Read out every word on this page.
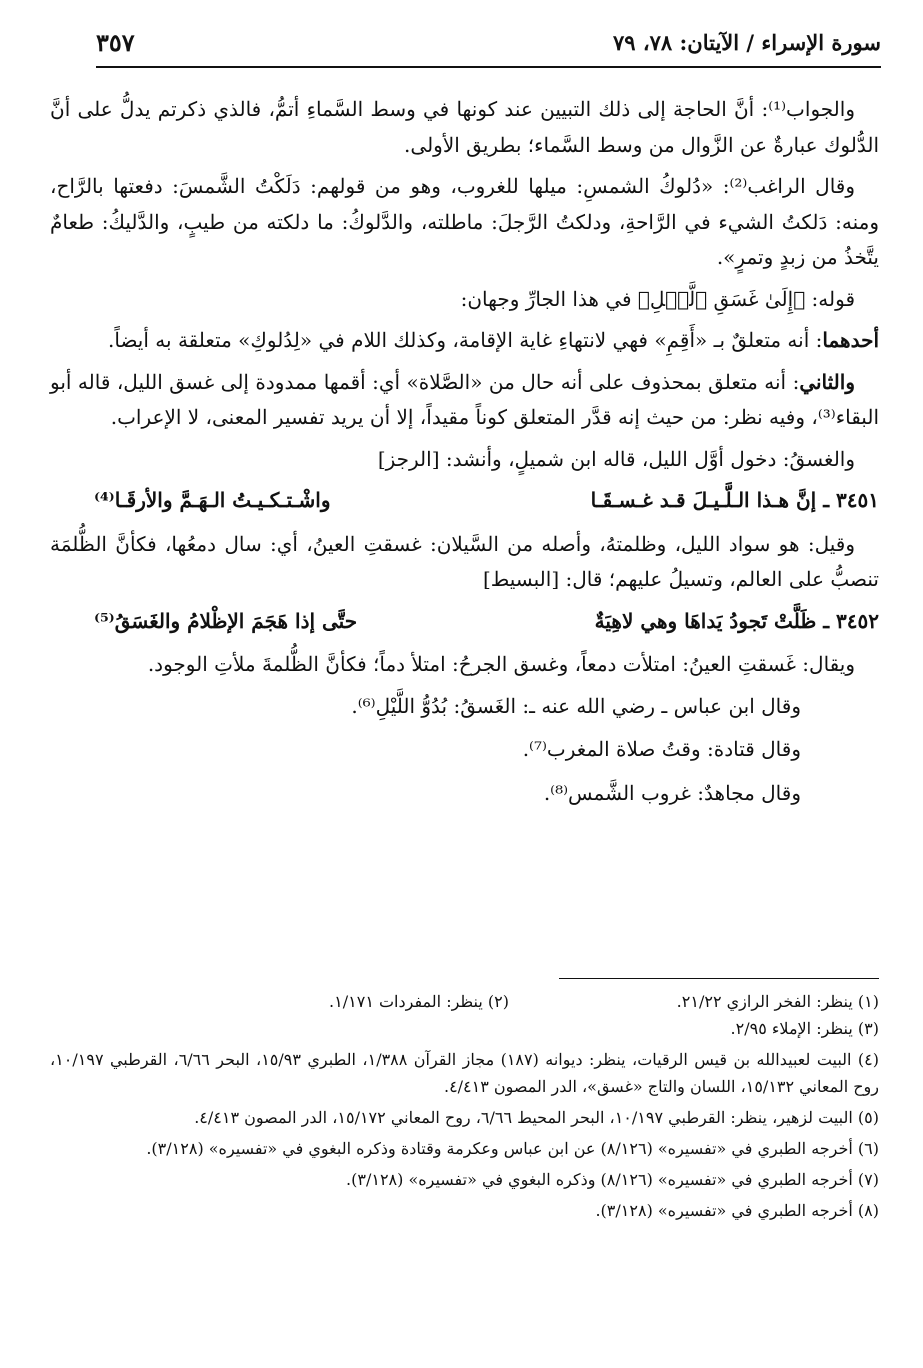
سورة الإسراء / الآيتان: ٧٨، ٧٩
٣٥٧

والجواب⁽¹⁾: أنَّ الحاجة إلى ذلك التبيين عند كونها في وسط السَّماءِ أتمُّ، فالذي ذكرتم يدلُّ على أنَّ الدُّلوك عبارةٌ عن الزَّوال من وسط السَّماء؛ بطريق الأولى.

وقال الراغب⁽²⁾: «دُلوكُ الشمسِ: ميلها للغروب، وهو من قولهم: دَلَكْتُ الشَّمسَ: دفعتها بالرَّاح، ومنه: دَلكتُ الشيء في الرَّاحةِ، ودلكتُ الرَّجلَ: ماطلته، والدَّلوكُ: ما دلكته من طيبٍ، والدَّليكُ: طعامٌ يتَّخذُ من زبدٍ وتمرٍ».

قوله: ﴿إِلَىٰ غَسَقِ ٱلَّيۡلِ﴾ في هذا الجارِّ وجهان:

أحدهما: أنه متعلقٌ بـ «أَقِمِ» فهي لانتهاءِ غاية الإقامة، وكذلك اللام في «لِدُلوكِ» متعلقة به أيضاً.

والثاني: أنه متعلق بمحذوف على أنه حال من «الصَّلاة» أي: أقمها ممدودة إلى غسق الليل، قاله أبو البقاء⁽³⁾، وفيه نظر: من حيث إنه قدَّر المتعلق كوناً مقيداً، إلا أن يريد تفسير المعنى، لا الإعراب.

والغسقُ: دخول أوَّل الليل، قاله ابن شميلٍ، وأنشد: [الرجز]

٣٤٥١ ـ إنَّ هـذا الـلَّـيـلَ قـد غـسـقَـا
واشْـتـكـيـتُ الـهَـمَّ والأرقَـا⁽⁴⁾

وقيل: هو سواد الليل، وظلمتهُ، وأصله من السَّيلان: غسقتِ العينُ، أي: سال دمعُها، فكأنَّ الظُّلمَة تنصبُّ على العالم، وتسيلُ عليهم؛ قال: [البسيط]

٣٤٥٢ ـ ظَلَّتْ تَجودُ يَداهَا وهي لاهِيَةٌ
حتَّى إذا هَجَمَ الإظْلامُ والغَسَقُ⁽⁵⁾

ويقال: غَسقتِ العينُ: امتلأت دمعاً، وغسق الجرحُ: امتلأ دماً؛ فكأنَّ الظُّلمةَ ملأتِ الوجود.

وقال ابن عباس ـ رضي الله عنه ـ: الغَسقُ: بُدُوُّ اللَّيْلِ⁽⁶⁾.

وقال قتادة: وقتُ صلاة المغرب⁽⁷⁾.

وقال مجاهدٌ: غروب الشَّمس⁽⁸⁾.

(١) ينظر: الفخر الرازي ٢١/٢٢.
(٢) ينظر: المفردات ١/١٧١.

(٣) ينظر: الإملاء ٢/٩٥.

(٤) البيت لعبيدالله بن قيس الرقيات، ينظر: ديوانه (١٨٧) مجاز القرآن ١/٣٨٨، الطبري ١٥/٩٣، البحر ٦/٦٦، القرطبي ١٠/١٩٧، روح المعاني ١٥/١٣٢، اللسان والتاج «غسق»، الدر المصون ٤/٤١٣.

(٥) البيت لزهير، ينظر: القرطبي ١٠/١٩٧، البحر المحيط ٦/٦٦، روح المعاني ١٥/١٧٢، الدر المصون ٤/٤١٣.

(٦) أخرجه الطبري في «تفسيره» (٨/١٢٦) عن ابن عباس وعكرمة وقتادة وذكره البغوي في «تفسيره» (٣/١٢٨).

(٧) أخرجه الطبري في «تفسيره» (٨/١٢٦) وذكره البغوي في «تفسيره» (٣/١٢٨).

(٨) أخرجه الطبري في «تفسيره» (٣/١٢٨).
